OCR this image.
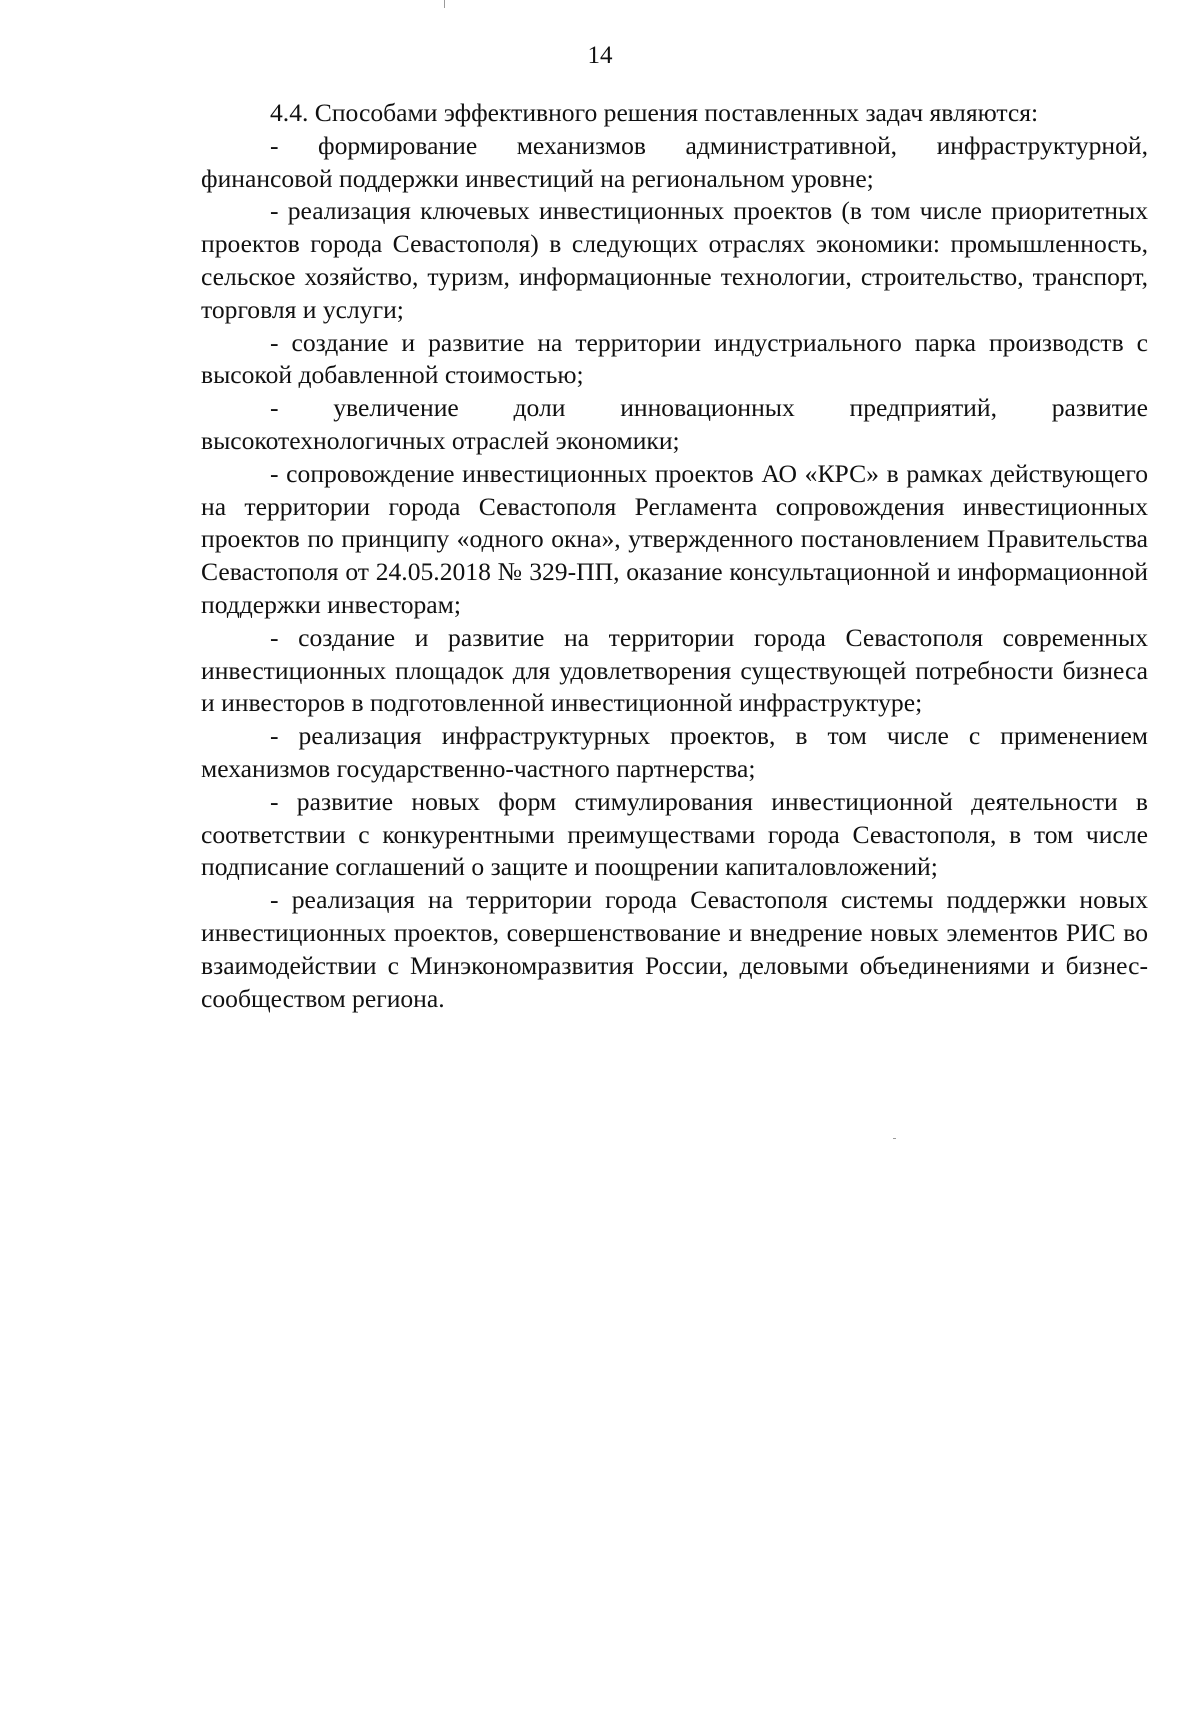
14

4.4. Способами эффективного решения поставленных задач являются:

- формирование механизмов административной, инфраструктурной, финансовой поддержки инвестиций на региональном уровне;

- реализация ключевых инвестиционных проектов (в том числе приоритетных проектов города Севастополя) в следующих отраслях экономики: промышленность, сельское хозяйство, туризм, информационные технологии, строительство, транспорт, торговля и услуги;

- создание и развитие на территории индустриального парка производств с высокой добавленной стоимостью;

- увеличение доли инновационных предприятий, развитие высокотехнологичных отраслей экономики;

- сопровождение инвестиционных проектов АО «КРС» в рамках действующего на территории города Севастополя Регламента сопровождения инвестиционных проектов по принципу «одного окна», утвержденного постановлением Правительства Севастополя от 24.05.2018 № 329-ПП, оказание консультационной и информационной поддержки инвесторам;

- создание и развитие на территории города Севастополя современных инвестиционных площадок для удовлетворения существующей потребности бизнеса и инвесторов в подготовленной инвестиционной инфраструктуре;

- реализация инфраструктурных проектов, в том числе с применением механизмов государственно-частного партнерства;

- развитие новых форм стимулирования инвестиционной деятельности в соответствии с конкурентными преимуществами города Севастополя, в том числе подписание соглашений о защите и поощрении капиталовложений;

- реализация на территории города Севастополя системы поддержки новых инвестиционных проектов, совершенствование и внедрение новых элементов РИС во взаимодействии с Минэкономразвития России, деловыми объединениями и бизнес-сообществом региона.
